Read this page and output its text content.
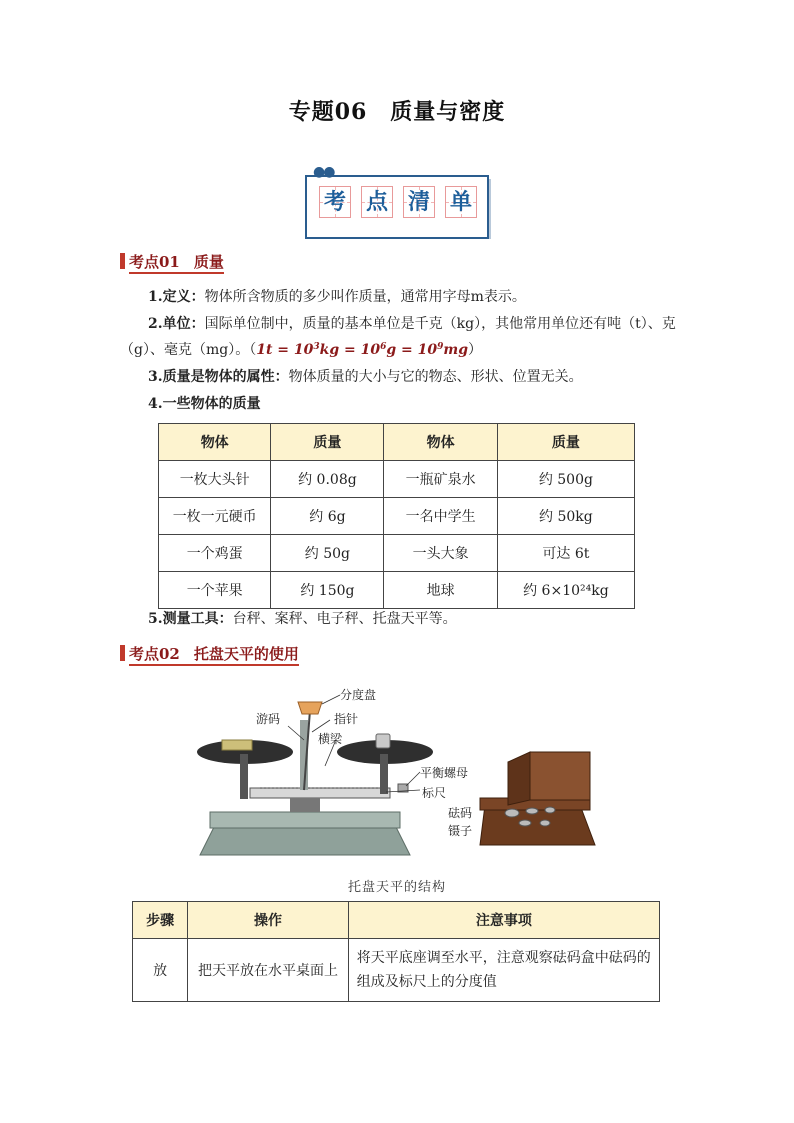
专题06　质量与密度
●●
考 点 清 单
考点01 质量
1.定义：物体所含物质的多少叫作质量，通常用字母m表示。
2.单位：国际单位制中，质量的基本单位是千克（kg），其他常用单位还有吨（t）、克
（g）、毫克（mg）。$(1t = 10^3kg = 10^6g = 10^9mg)$
3.质量是物体的属性：物体质量的大小与它的物态、形状、位置无关。
4.一些物体的质量
物体	质量	物体	质量
一枚大头针	约 0.08g	一瓶矿泉水	约 500g
一枚一元硬币	约 6g	一名中学生	约 50kg
一个鸡蛋	约 50g	一头大象	可达 6t
一个苹果	约 150g	地球	约 6×10²⁴kg
5.测量工具：台秤、案秤、电子秤、托盘天平等。
考点02 托盘天平的使用
分度盘
游码	指针
横梁
平衡螺母
标尺
砝码
镊子
托盘天平的结构
步骤	操作	注意事项
放	把天平放在水平桌面上	将天平底座调至水平，注意观察砝码盒中砝码的组成及标尺上的分度值
